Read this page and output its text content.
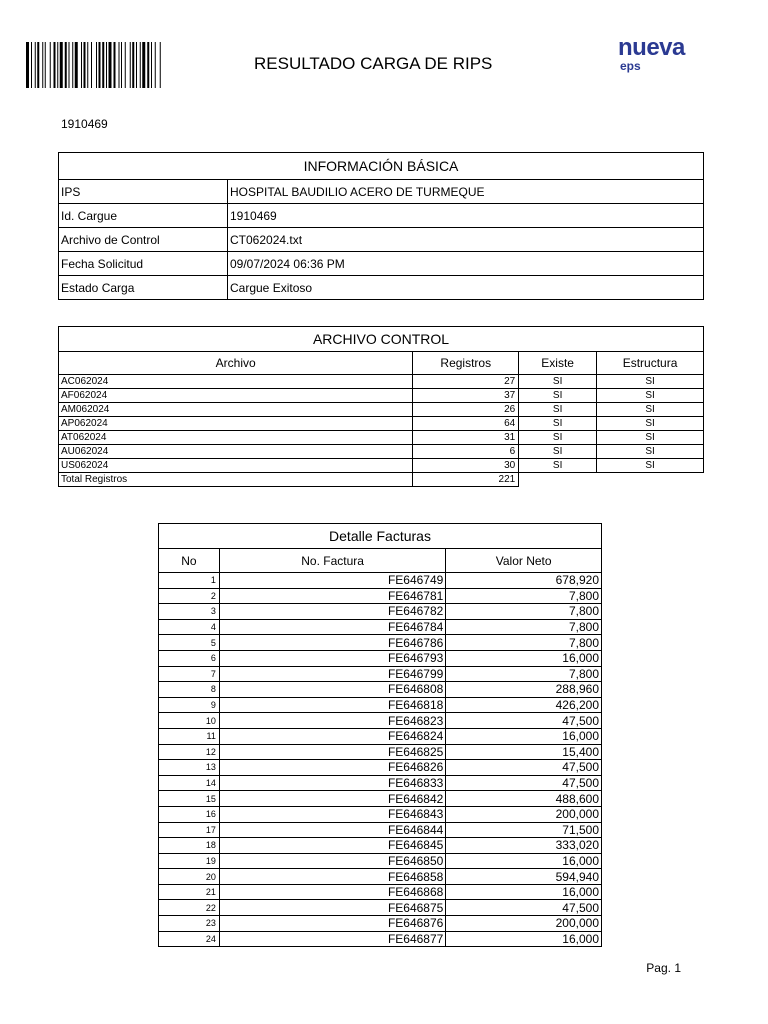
RESULTADO CARGA DE RIPS
nueva
eps
1910469
INFORMACIÓN BÁSICA	
IPS	HOSPITAL BAUDILIO ACERO DE TURMEQUE
Id. Cargue	1910469
Archivo de Control	CT062024.txt
Fecha Solicitud	09/07/2024 06:36 PM
Estado Carga	Cargue Exitoso
ARCHIVO CONTROL			
Archivo	Registros	Existe	Estructura
AC062024	27	SI	SI
AF062024	37	SI	SI
AM062024	26	SI	SI
AP062024	64	SI	SI
AT062024	31	SI	SI
AU062024	6	SI	SI
US062024	30	SI	SI
Total Registros	221		
Detalle Facturas		
No	No. Factura	Valor Neto
1	FE646749	678,920
2	FE646781	7,800
3	FE646782	7,800
4	FE646784	7,800
5	FE646786	7,800
6	FE646793	16,000
7	FE646799	7,800
8	FE646808	288,960
9	FE646818	426,200
10	FE646823	47,500
11	FE646824	16,000
12	FE646825	15,400
13	FE646826	47,500
14	FE646833	47,500
15	FE646842	488,600
16	FE646843	200,000
17	FE646844	71,500
18	FE646845	333,020
19	FE646850	16,000
20	FE646858	594,940
21	FE646868	16,000
22	FE646875	47,500
23	FE646876	200,000
24	FE646877	16,000
Pag. 1
